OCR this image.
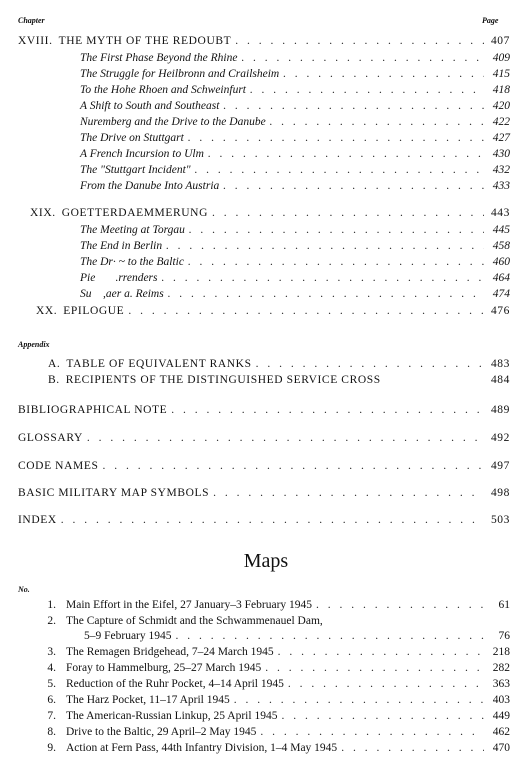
Chapter	Page
XVIII. THE MYTH OF THE REDOUBT . . .	407
The First Phase Beyond the Rhine . . .	409
The Struggle for Heilbronn and Crailsheim . . .	415
To the Hohe Rhoen and Schweinfurt . . .	418
A Shift to South and Southeast . . .	420
Nuremberg and the Drive to the Danube . . .	422
The Drive on Stuttgart . . .	427
A French Incursion to Ulm . . .	430
The "Stuttgart Incident" . . .	432
From the Danube Into Austria . . .	433
XIX. GOETTERDAEMMERUNG . . .	443
The Meeting at Torgau . . .	445
The End in Berlin . . .	458
The Dr· ~ to the Baltic . . .	460
Pie       .rrenders . . .	464
Su    ,aer a. Reims . . .	474
XX. EPILOGUE . . .	476
Appendix
A. TABLE OF EQUIVALENT RANKS . . .	483
B. RECIPIENTS OF THE DISTINGUISHED SERVICE CROSS	484
BIBLIOGRAPHICAL NOTE . . .	489
GLOSSARY . . .	492
CODE NAMES . . .	497
BASIC MILITARY MAP SYMBOLS . . .	498
INDEX . . .	503
Maps
No.
1. Main Effort in the Eifel, 27 January–3 February 1945 . . .	61
2. The Capture of Schmidt and the Schwammenauel Dam,
5–9 February 1945 . . .	76
3. The Remagen Bridgehead, 7–24 March 1945 . . .	218
4. Foray to Hammelburg, 25–27 March 1945 . . .	282
5. Reduction of the Ruhr Pocket, 4–14 April 1945 . . .	363
6. The Harz Pocket, 11–17 April 1945 . . .	403
7. The American-Russian Linkup, 25 April 1945 . . .	449
8. Drive to the Baltic, 29 April–2 May 1945 . . .	462
9. Action at Fern Pass, 44th Infantry Division, 1–4 May 1945 . . .	470
